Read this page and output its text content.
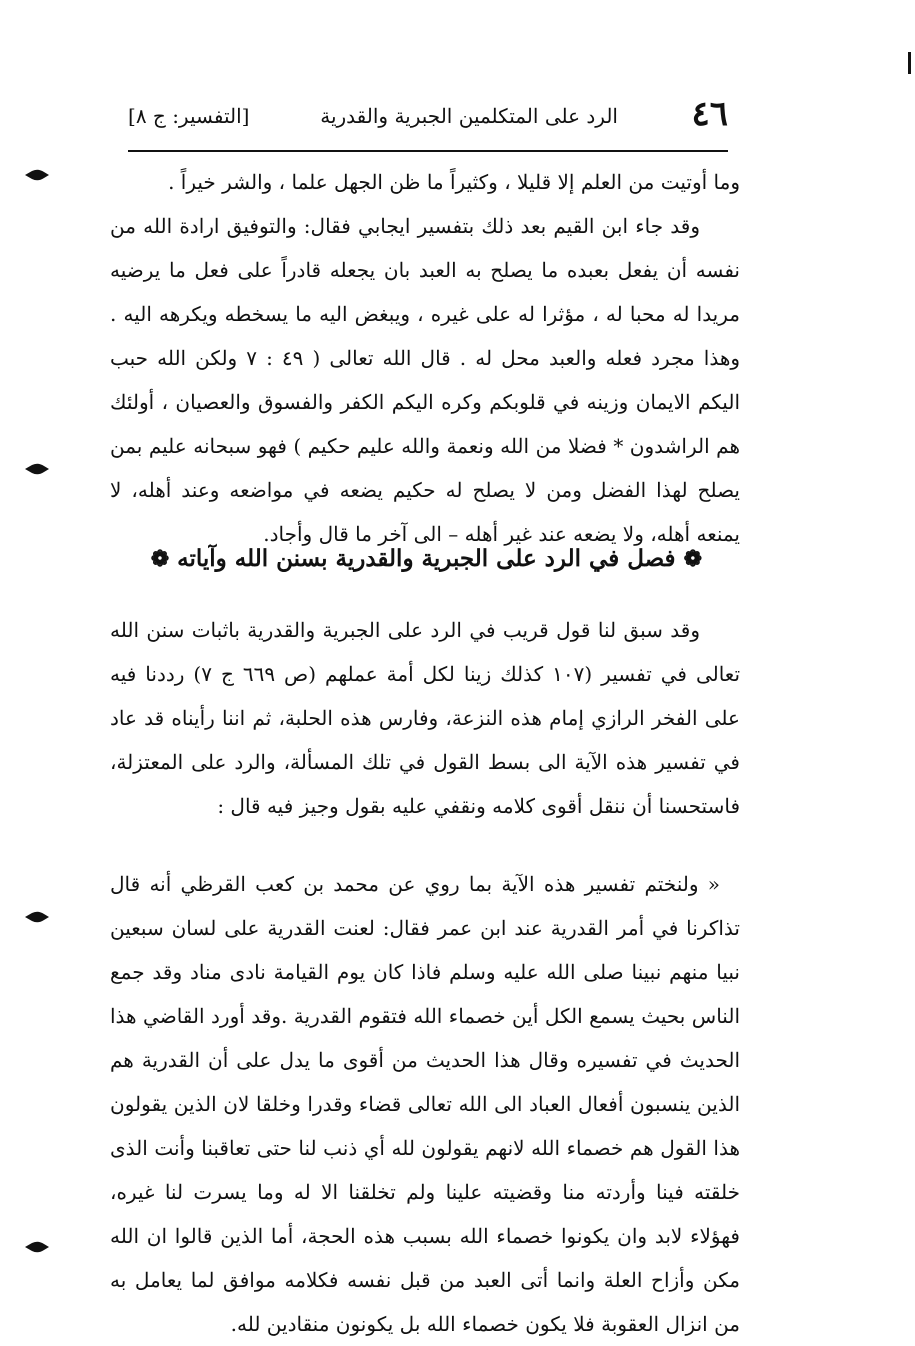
٤٦
الرد على المتكلمين الجبرية والقدرية
[التفسير: ج ٨]

وما أوتيت من العلم إلا قليلا ، وكثيراً ما ظن الجهل علما ، والشر خيراً .

وقد جاء ابن القيم بعد ذلك بتفسير ايجابي فقال: والتوفيق ارادة الله من نفسه أن يفعل بعبده ما يصلح به العبد بان يجعله قادراً على فعل ما يرضيه مريدا له محبا له ، مؤثرا له على غيره ، ويبغض اليه ما يسخطه ويكرهه اليه . وهذا مجرد فعله والعبد محل له . قال الله تعالى ( ٤٩ : ٧ ولكن الله حبب اليكم الايمان وزينه في قلوبكم وكره اليكم الكفر والفسوق والعصيان ، أولئك هم الراشدون * فضلا من الله ونعمة والله عليم حكيم ) فهو سبحانه عليم بمن يصلح لهذا الفضل ومن لا يصلح له حكيم يضعه في مواضعه وعند أهله، لا يمنعه أهله، ولا يضعه عند غير أهله – الى آخر ما قال وأجاد.

❁فصل في الرد على الجبرية والقدرية بسنن الله وآياته❁

وقد سبق لنا قول قريب في الرد على الجبرية والقدرية باثبات سنن الله تعالى في تفسير (١٠٧ كذلك زينا لكل أمة عملهم (ص ٦٦٩ ج ٧) رددنا فيه على الفخر الرازي إمام هذه النزعة، وفارس هذه الحلبة، ثم اننا رأيناه قد عاد في تفسير هذه الآية الى بسط القول في تلك المسألة، والرد على المعتزلة، فاستحسنا أن ننقل أقوى كلامه ونقفي عليه بقول وجيز فيه قال :

« ولنختم تفسير هذه الآية بما روي عن محمد بن كعب القرظي أنه قال تذاكرنا في أمر القدرية عند ابن عمر فقال: لعنت القدرية على لسان سبعين نبيا منهم نبينا صلى الله عليه وسلم فاذا كان يوم القيامة نادى مناد وقد جمع الناس بحيث يسمع الكل أين خصماء الله فتقوم القدرية .وقد أورد القاضي هذا الحديث في تفسيره وقال هذا الحديث من أقوى ما يدل على أن القدرية هم الذين ينسبون أفعال العباد الى الله تعالى قضاء وقدرا وخلقا لان الذين يقولون هذا القول هم خصماء الله لانهم يقولون لله أي ذنب لنا حتى تعاقبنا وأنت الذى خلقته فينا وأردته منا وقضيته علينا ولم تخلقنا الا له وما يسرت لنا غيره، فهؤلاء لابد وان يكونوا خصماء الله بسبب هذه الحجة، أما الذين قالوا ان الله مكن وأزاح العلة وانما أتى العبد من قبل نفسه فكلامه موافق لما يعامل به من انزال العقوبة فلا يكون خصماء الله بل يكونون منقادين لله.
